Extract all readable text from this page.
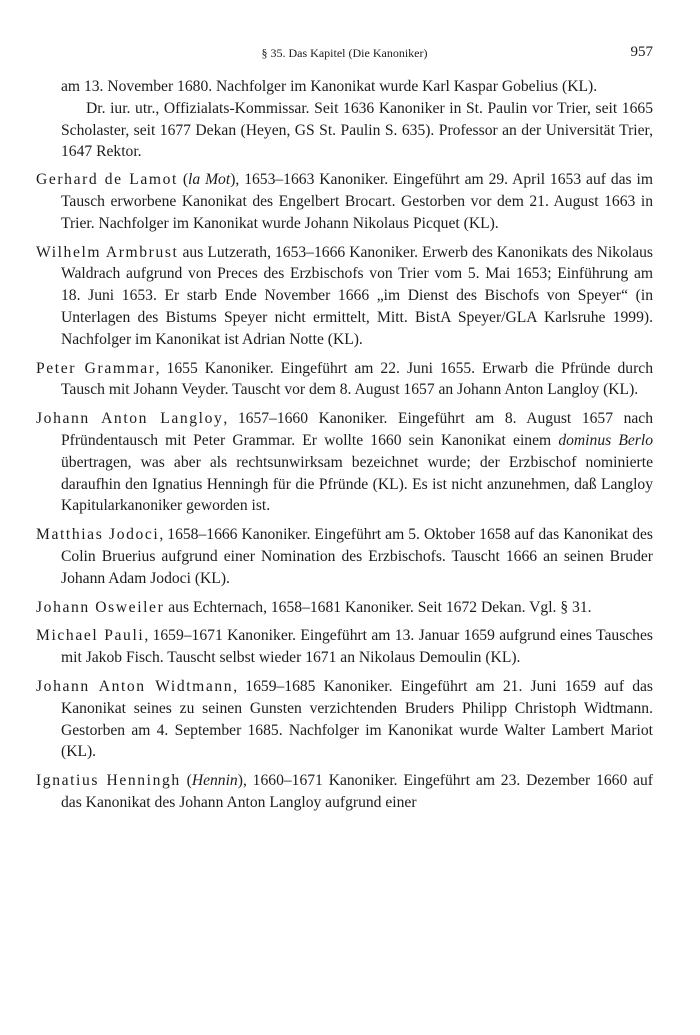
§ 35. Das Kapitel (Die Kanoniker)	957

am 13. November 1680. Nachfolger im Kanonikat wurde Karl Kaspar Gobelius (KL).

Dr. iur. utr., Offizialats-Kommissar. Seit 1636 Kanoniker in St. Paulin vor Trier, seit 1665 Scholaster, seit 1677 Dekan (Heyen, GS St. Paulin S. 635). Professor an der Universität Trier, 1647 Rektor.

Gerhard de Lamot (la Mot), 1653–1663 Kanoniker. Eingeführt am 29. April 1653 auf das im Tausch erworbene Kanonikat des Engelbert Brocart. Gestorben vor dem 21. August 1663 in Trier. Nachfolger im Kanonikat wurde Johann Nikolaus Picquet (KL).

Wilhelm Armbrust aus Lutzerath, 1653–1666 Kanoniker. Erwerb des Kanonikats des Nikolaus Waldrach aufgrund von Preces des Erzbischofs von Trier vom 5. Mai 1653; Einführung am 18. Juni 1653. Er starb Ende November 1666 „im Dienst des Bischofs von Speyer“ (in Unterlagen des Bistums Speyer nicht ermittelt, Mitt. BistA Speyer/GLA Karlsruhe 1999). Nachfolger im Kanonikat ist Adrian Notte (KL).

Peter Grammar, 1655 Kanoniker. Eingeführt am 22. Juni 1655. Erwarb die Pfründe durch Tausch mit Johann Veyder. Tauscht vor dem 8. August 1657 an Johann Anton Langloy (KL).

Johann Anton Langloy, 1657–1660 Kanoniker. Eingeführt am 8. August 1657 nach Pfründentausch mit Peter Grammar. Er wollte 1660 sein Kanonikat einem dominus Berlo übertragen, was aber als rechtsunwirksam bezeichnet wurde; der Erzbischof nominierte daraufhin den Ignatius Henningh für die Pfründe (KL). Es ist nicht anzunehmen, daß Langloy Kapitularkanoniker geworden ist.

Matthias Jodoci, 1658–1666 Kanoniker. Eingeführt am 5. Oktober 1658 auf das Kanonikat des Colin Bruerius aufgrund einer Nomination des Erzbischofs. Tauscht 1666 an seinen Bruder Johann Adam Jodoci (KL).

Johann Osweiler aus Echternach, 1658–1681 Kanoniker. Seit 1672 Dekan. Vgl. § 31.

Michael Pauli, 1659–1671 Kanoniker. Eingeführt am 13. Januar 1659 aufgrund eines Tausches mit Jakob Fisch. Tauscht selbst wieder 1671 an Nikolaus Demoulin (KL).

Johann Anton Widtmann, 1659–1685 Kanoniker. Eingeführt am 21. Juni 1659 auf das Kanonikat seines zu seinen Gunsten verzichtenden Bruders Philipp Christoph Widtmann. Gestorben am 4. September 1685. Nachfolger im Kanonikat wurde Walter Lambert Mariot (KL).

Ignatius Henningh (Hennin), 1660–1671 Kanoniker. Eingeführt am 23. Dezember 1660 auf das Kanonikat des Johann Anton Langloy aufgrund einer
